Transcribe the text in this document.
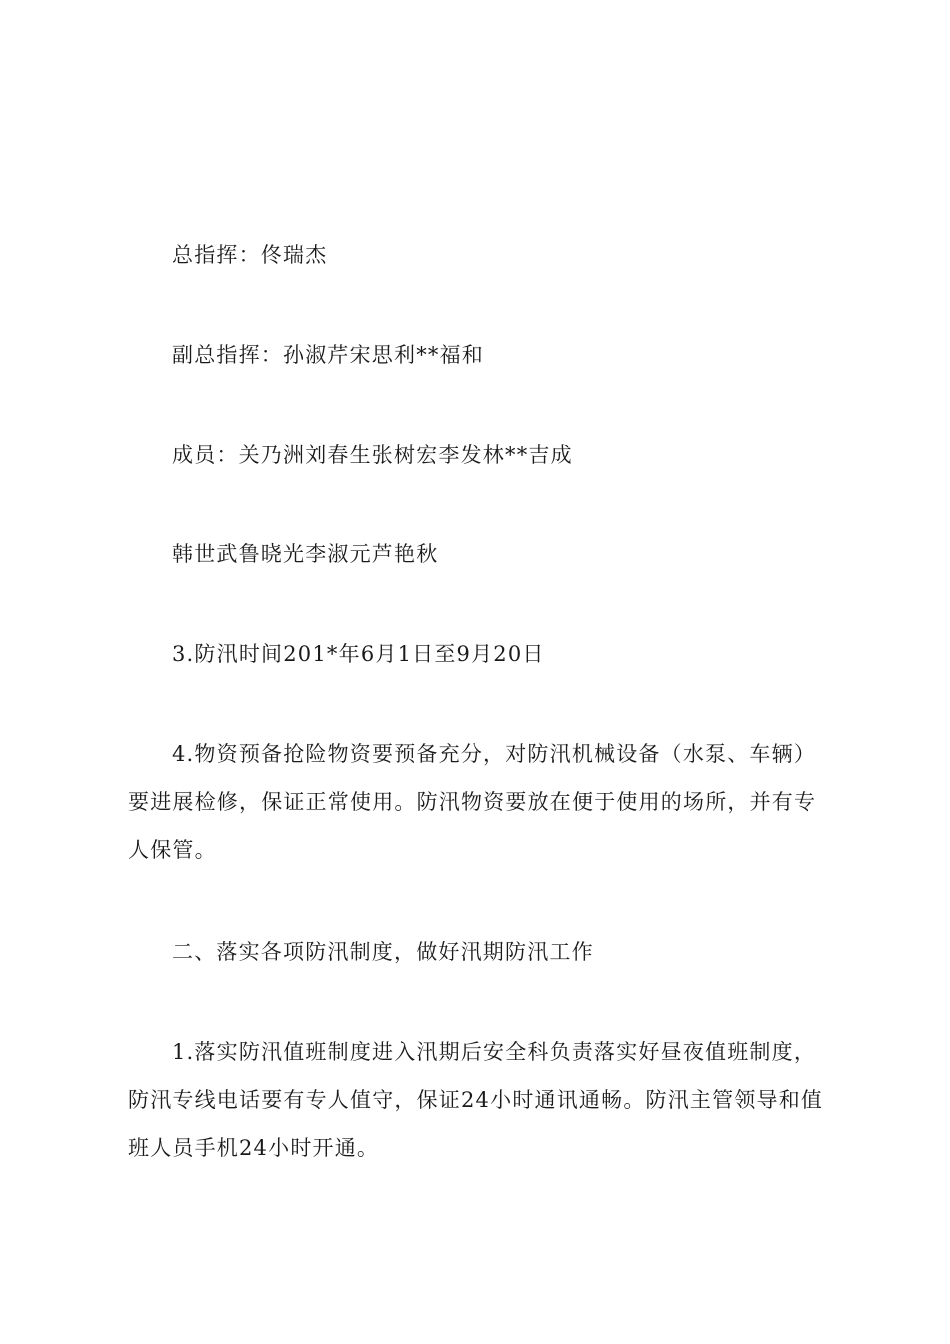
总指挥：佟瑞杰

副总指挥：孙淑芹宋思利**福和

成员：关乃洲刘春生张树宏李发林**吉成

韩世武鲁晓光李淑元芦艳秋

3.防汛时间201*年6月1日至9月20日

4.物资预备抢险物资要预备充分，对防汛机械设备（水泵、车辆）要进展检修，保证正常使用。防汛物资要放在便于使用的场所，并有专人保管。

二、落实各项防汛制度，做好汛期防汛工作

1.落实防汛值班制度进入汛期后安全科负责落实好昼夜值班制度，防汛专线电话要有专人值守，保证24小时通讯通畅。防汛主管领导和值班人员手机24小时开通。
